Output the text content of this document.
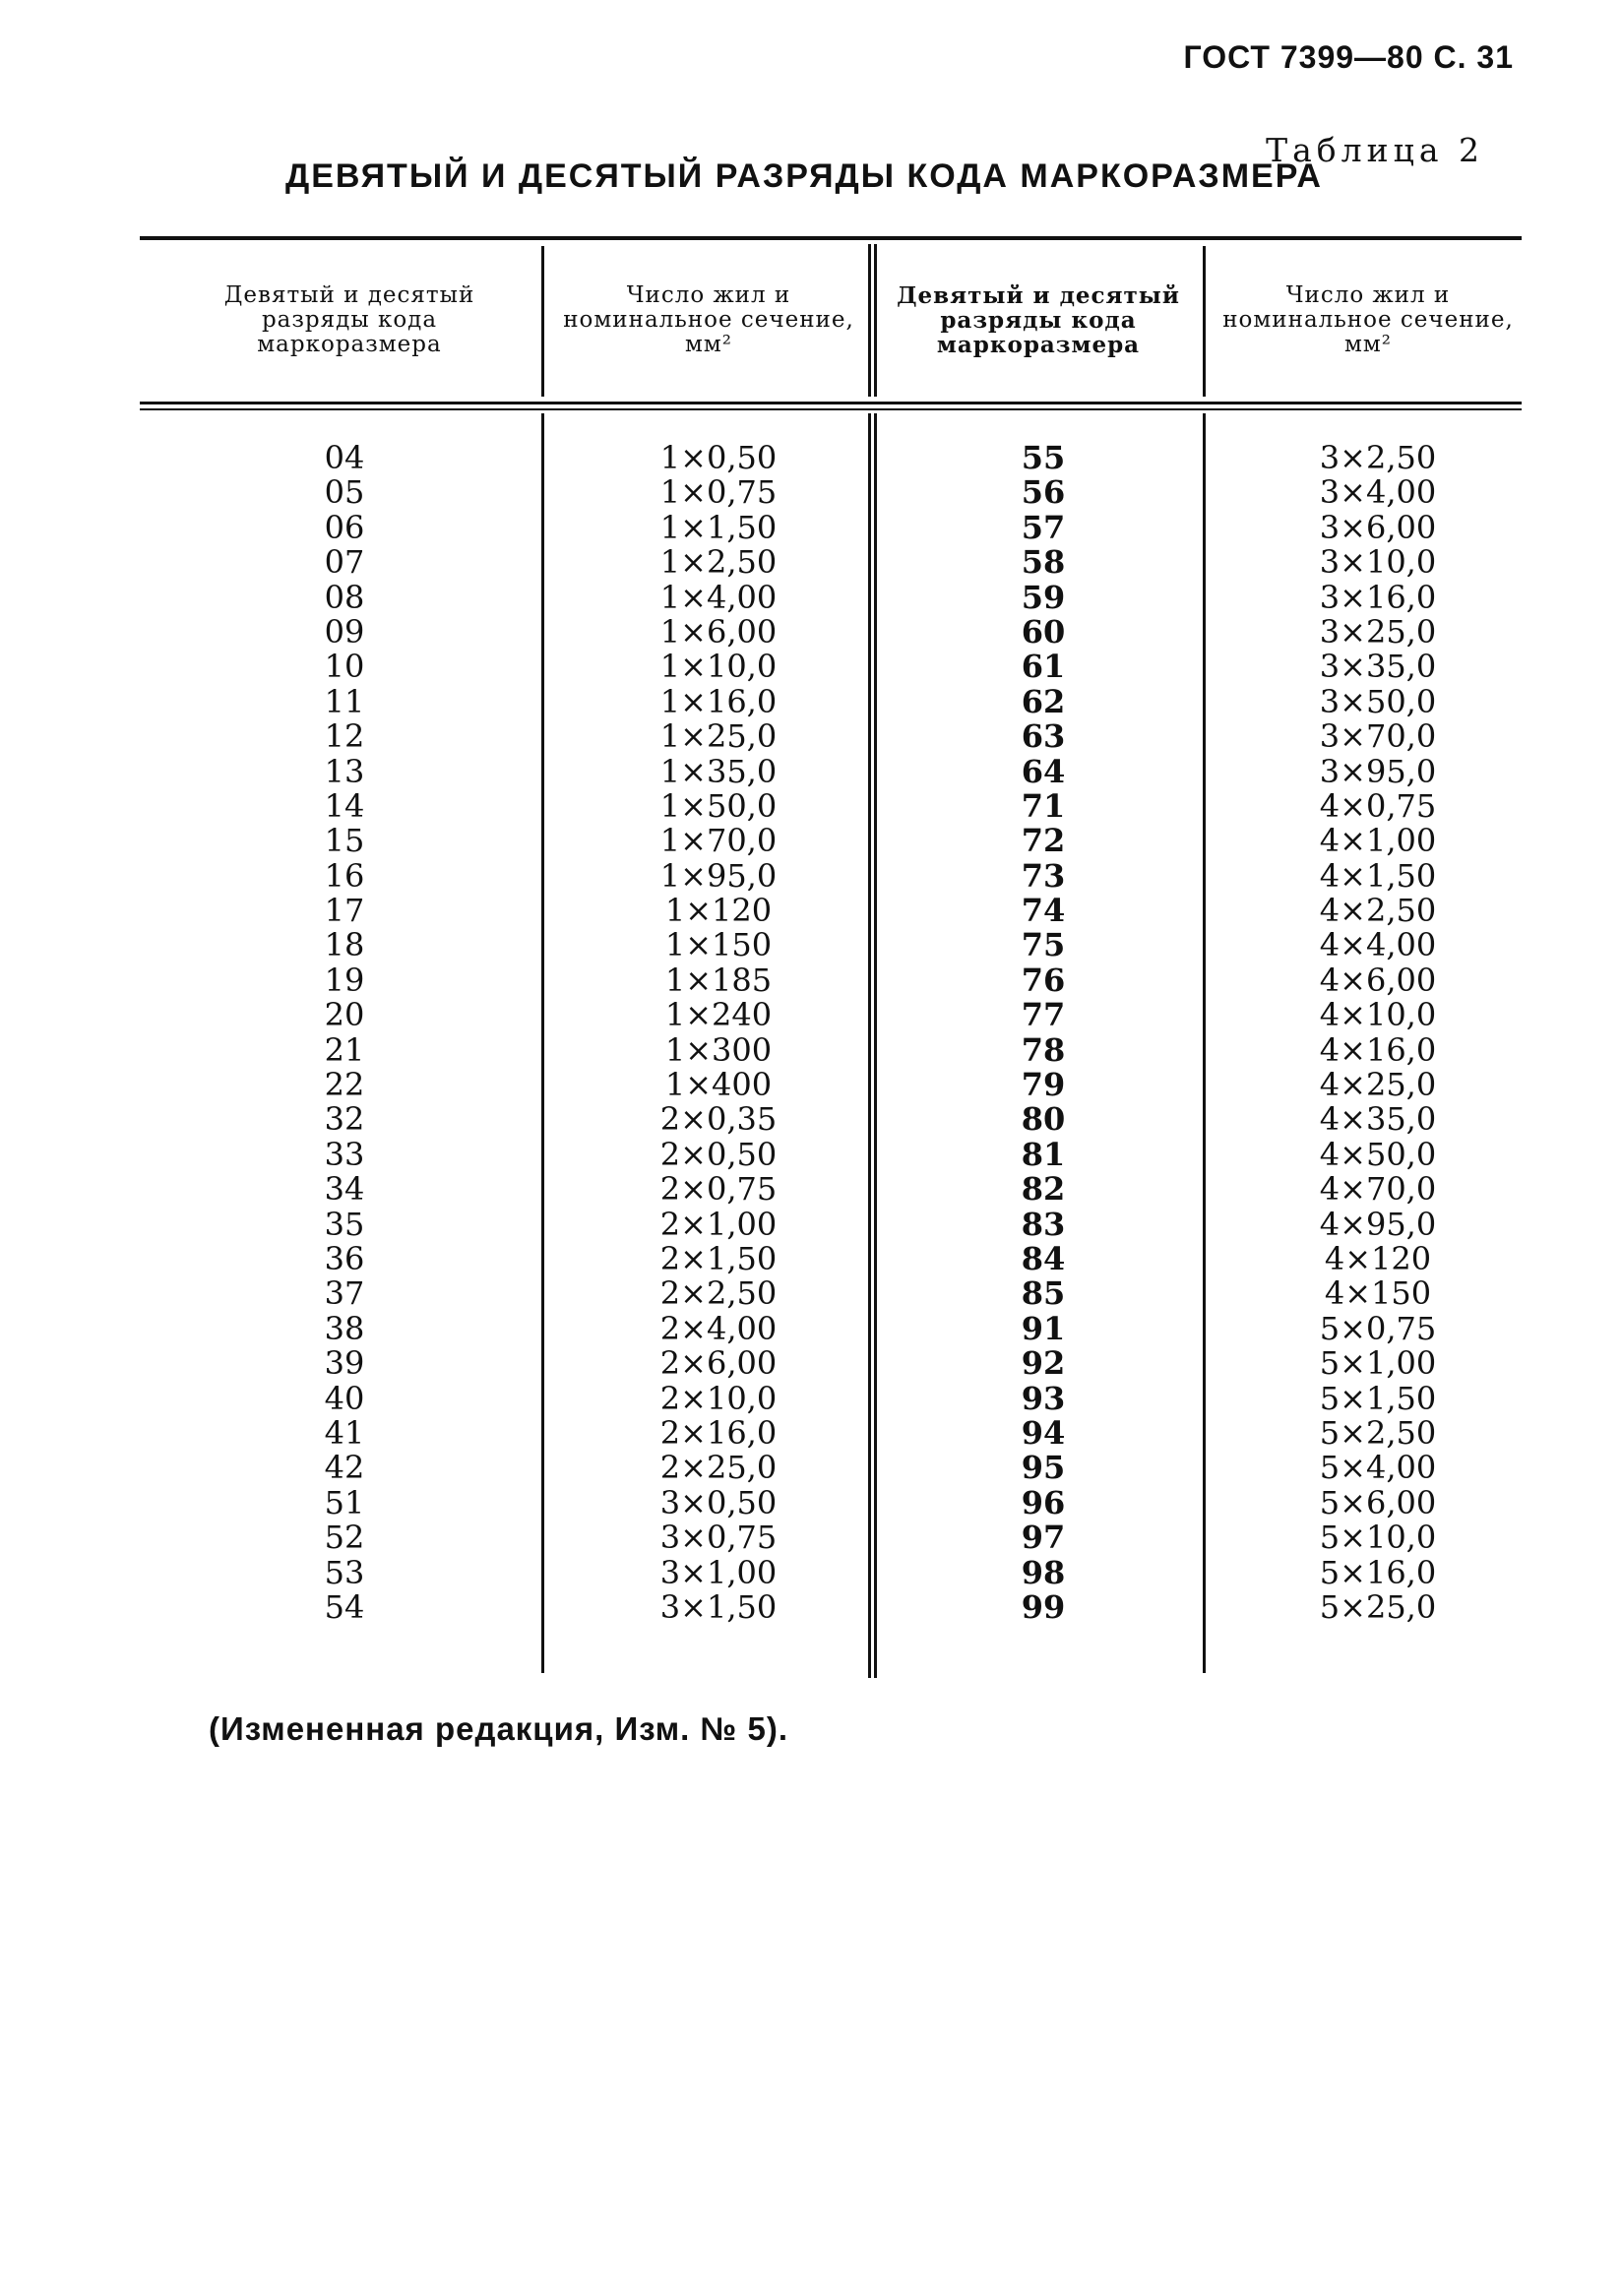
ГОСТ 7399—80 С. 31
Таблица 2
ДЕВЯТЫЙ И ДЕСЯТЫЙ РАЗРЯДЫ КОДА МАРКОРАЗМЕРА
Девятый и десятый разряды кода маркоразмера
Число жил и номинальное сечение, мм²
Девятый и десятый разряды кода маркоразмера
Число жил и номинальное сечение, мм²
04
05
06
07
08
09
10
11
12
13
14
15
16
17
18
19
20
21
22
32
33
34
35
36
37
38
39
40
41
42
51
52
53
54
1×0,50
1×0,75
1×1,50
1×2,50
1×4,00
1×6,00
1×10,0
1×16,0
1×25,0
1×35,0
1×50,0
1×70,0
1×95,0
1×120
1×150
1×185
1×240
1×300
1×400
2×0,35
2×0,50
2×0,75
2×1,00
2×1,50
2×2,50
2×4,00
2×6,00
2×10,0
2×16,0
2×25,0
3×0,50
3×0,75
3×1,00
3×1,50
55
56
57
58
59
60
61
62
63
64
71
72
73
74
75
76
77
78
79
80
81
82
83
84
85
91
92
93
94
95
96
97
98
99
3×2,50
3×4,00
3×6,00
3×10,0
3×16,0
3×25,0
3×35,0
3×50,0
3×70,0
3×95,0
4×0,75
4×1,00
4×1,50
4×2,50
4×4,00
4×6,00
4×10,0
4×16,0
4×25,0
4×35,0
4×50,0
4×70,0
4×95,0
4×120
4×150
5×0,75
5×1,00
5×1,50
5×2,50
5×4,00
5×6,00
5×10,0
5×16,0
5×25,0
(Измененная редакция, Изм. № 5).
